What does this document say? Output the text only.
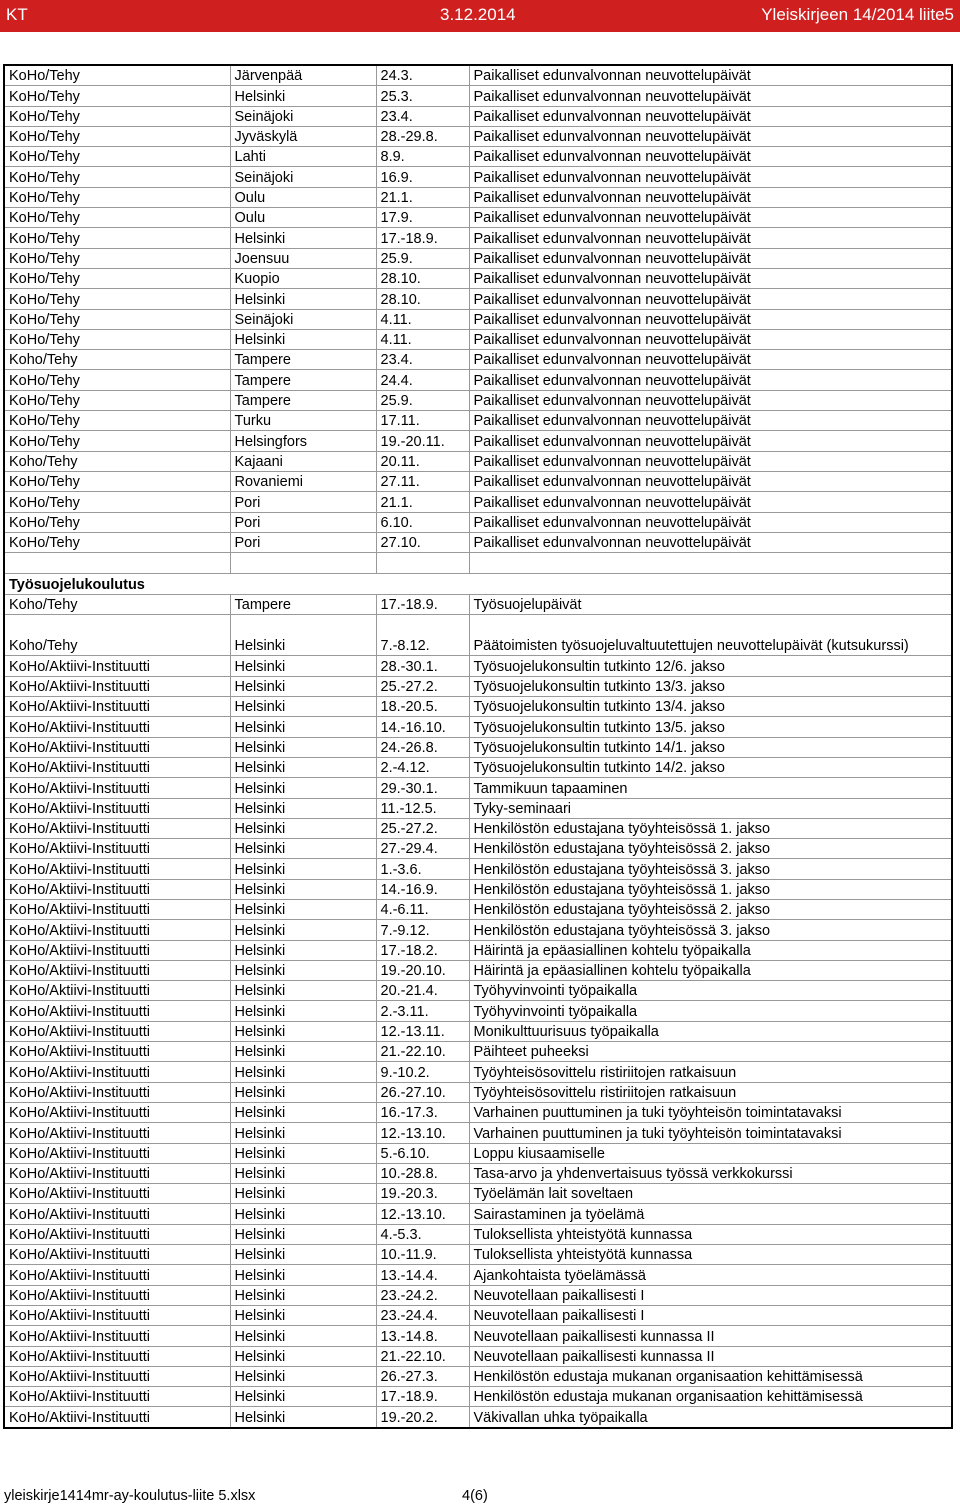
KT	3.12.2014	Yleiskirjeen 14/2014 liite5
KoHo/Tehy	Järvenpää	24.3.	Paikalliset edunvalvonnan neuvottelupäivät
KoHo/Tehy	Helsinki	25.3.	Paikalliset edunvalvonnan neuvottelupäivät
KoHo/Tehy	Seinäjoki	23.4.	Paikalliset edunvalvonnan neuvottelupäivät
KoHo/Tehy	Jyväskylä	28.-29.8.	Paikalliset edunvalvonnan neuvottelupäivät
KoHo/Tehy	Lahti	8.9.	Paikalliset edunvalvonnan neuvottelupäivät
KoHo/Tehy	Seinäjoki	16.9.	Paikalliset edunvalvonnan neuvottelupäivät
KoHo/Tehy	Oulu	21.1.	Paikalliset edunvalvonnan neuvottelupäivät
KoHo/Tehy	Oulu	17.9.	Paikalliset edunvalvonnan neuvottelupäivät
KoHo/Tehy	Helsinki	17.-18.9.	Paikalliset edunvalvonnan neuvottelupäivät
KoHo/Tehy	Joensuu	25.9.	Paikalliset edunvalvonnan neuvottelupäivät
KoHo/Tehy	Kuopio	28.10.	Paikalliset edunvalvonnan neuvottelupäivät
KoHo/Tehy	Helsinki	28.10.	Paikalliset edunvalvonnan neuvottelupäivät
KoHo/Tehy	Seinäjoki	4.11.	Paikalliset edunvalvonnan neuvottelupäivät
KoHo/Tehy	Helsinki	4.11.	Paikalliset edunvalvonnan neuvottelupäivät
Koho/Tehy	Tampere	23.4.	Paikalliset edunvalvonnan neuvottelupäivät
KoHo/Tehy	Tampere	24.4.	Paikalliset edunvalvonnan neuvottelupäivät
KoHo/Tehy	Tampere	25.9.	Paikalliset edunvalvonnan neuvottelupäivät
KoHo/Tehy	Turku	17.11.	Paikalliset edunvalvonnan neuvottelupäivät
KoHo/Tehy	Helsingfors	19.-20.11.	Paikalliset edunvalvonnan neuvottelupäivät
Koho/Tehy	Kajaani	20.11.	Paikalliset edunvalvonnan neuvottelupäivät
KoHo/Tehy	Rovaniemi	27.11.	Paikalliset edunvalvonnan neuvottelupäivät
KoHo/Tehy	Pori	21.1.	Paikalliset edunvalvonnan neuvottelupäivät
KoHo/Tehy	Pori	6.10.	Paikalliset edunvalvonnan neuvottelupäivät
KoHo/Tehy	Pori	27.10.	Paikalliset edunvalvonnan neuvottelupäivät

Työsuojelukoulutus			
Koho/Tehy	Tampere	17.-18.9.	Työsuojelupäivät
Koho/Tehy	Helsinki	7.-8.12.	Päätoimisten työsuojeluvaltuutettujen neuvottelupäivät (kutsukurssi)
KoHo/Aktiivi-Instituutti	Helsinki	28.-30.1.	Työsuojelukonsultin tutkinto 12/6. jakso
KoHo/Aktiivi-Instituutti	Helsinki	25.-27.2.	Työsuojelukonsultin tutkinto 13/3. jakso
KoHo/Aktiivi-Instituutti	Helsinki	18.-20.5.	Työsuojelukonsultin tutkinto 13/4. jakso
KoHo/Aktiivi-Instituutti	Helsinki	14.-16.10.	Työsuojelukonsultin tutkinto 13/5. jakso
KoHo/Aktiivi-Instituutti	Helsinki	24.-26.8.	Työsuojelukonsultin tutkinto 14/1. jakso
KoHo/Aktiivi-Instituutti	Helsinki	2.-4.12.	Työsuojelukonsultin tutkinto 14/2. jakso
KoHo/Aktiivi-Instituutti	Helsinki	29.-30.1.	Tammikuun tapaaminen
KoHo/Aktiivi-Instituutti	Helsinki	11.-12.5.	Tyky-seminaari
KoHo/Aktiivi-Instituutti	Helsinki	25.-27.2.	Henkilöstön edustajana työyhteisössä 1. jakso
KoHo/Aktiivi-Instituutti	Helsinki	27.-29.4.	Henkilöstön edustajana työyhteisössä 2. jakso
KoHo/Aktiivi-Instituutti	Helsinki	1.-3.6.	Henkilöstön edustajana työyhteisössä 3. jakso
KoHo/Aktiivi-Instituutti	Helsinki	14.-16.9.	Henkilöstön edustajana työyhteisössä 1. jakso
KoHo/Aktiivi-Instituutti	Helsinki	4.-6.11.	Henkilöstön edustajana työyhteisössä 2. jakso
KoHo/Aktiivi-Instituutti	Helsinki	7.-9.12.	Henkilöstön edustajana työyhteisössä 3. jakso
KoHo/Aktiivi-Instituutti	Helsinki	17.-18.2.	Häirintä ja epäasiallinen kohtelu työpaikalla
KoHo/Aktiivi-Instituutti	Helsinki	19.-20.10.	Häirintä ja epäasiallinen kohtelu työpaikalla
KoHo/Aktiivi-Instituutti	Helsinki	20.-21.4.	Työhyvinvointi työpaikalla
KoHo/Aktiivi-Instituutti	Helsinki	2.-3.11.	Työhyvinvointi työpaikalla
KoHo/Aktiivi-Instituutti	Helsinki	12.-13.11.	Monikulttuurisuus työpaikalla
KoHo/Aktiivi-Instituutti	Helsinki	21.-22.10.	Päihteet puheeksi
KoHo/Aktiivi-Instituutti	Helsinki	9.-10.2.	Työyhteisösovittelu ristiriitojen ratkaisuun
KoHo/Aktiivi-Instituutti	Helsinki	26.-27.10.	Työyhteisösovittelu ristiriitojen ratkaisuun
KoHo/Aktiivi-Instituutti	Helsinki	16.-17.3.	Varhainen puuttuminen ja tuki työyhteisön toimintatavaksi
KoHo/Aktiivi-Instituutti	Helsinki	12.-13.10.	Varhainen puuttuminen ja tuki työyhteisön toimintatavaksi
KoHo/Aktiivi-Instituutti	Helsinki	5.-6.10.	Loppu kiusaamiselle
KoHo/Aktiivi-Instituutti	Helsinki	10.-28.8.	Tasa-arvo ja yhdenvertaisuus työssä verkkokurssi
KoHo/Aktiivi-Instituutti	Helsinki	19.-20.3.	Työelämän lait soveltaen
KoHo/Aktiivi-Instituutti	Helsinki	12.-13.10.	Sairastaminen ja työelämä
KoHo/Aktiivi-Instituutti	Helsinki	4.-5.3.	Tuloksellista yhteistyötä kunnassa
KoHo/Aktiivi-Instituutti	Helsinki	10.-11.9.	Tuloksellista yhteistyötä kunnassa
KoHo/Aktiivi-Instituutti	Helsinki	13.-14.4.	Ajankohtaista työelämässä
KoHo/Aktiivi-Instituutti	Helsinki	23.-24.2.	Neuvotellaan paikallisesti I
KoHo/Aktiivi-Instituutti	Helsinki	23.-24.4.	Neuvotellaan paikallisesti I
KoHo/Aktiivi-Instituutti	Helsinki	13.-14.8.	Neuvotellaan paikallisesti kunnassa II
KoHo/Aktiivi-Instituutti	Helsinki	21.-22.10.	Neuvotellaan paikallisesti kunnassa II
KoHo/Aktiivi-Instituutti	Helsinki	26.-27.3.	Henkilöstön edustaja mukanan organisaation kehittämisessä
KoHo/Aktiivi-Instituutti	Helsinki	17.-18.9.	Henkilöstön edustaja mukanan organisaation kehittämisessä
KoHo/Aktiivi-Instituutti	Helsinki	19.-20.2.	Väkivallan uhka työpaikalla
yleiskirje1414mr-ay-koulutus-liite 5.xlsx	4(6)
